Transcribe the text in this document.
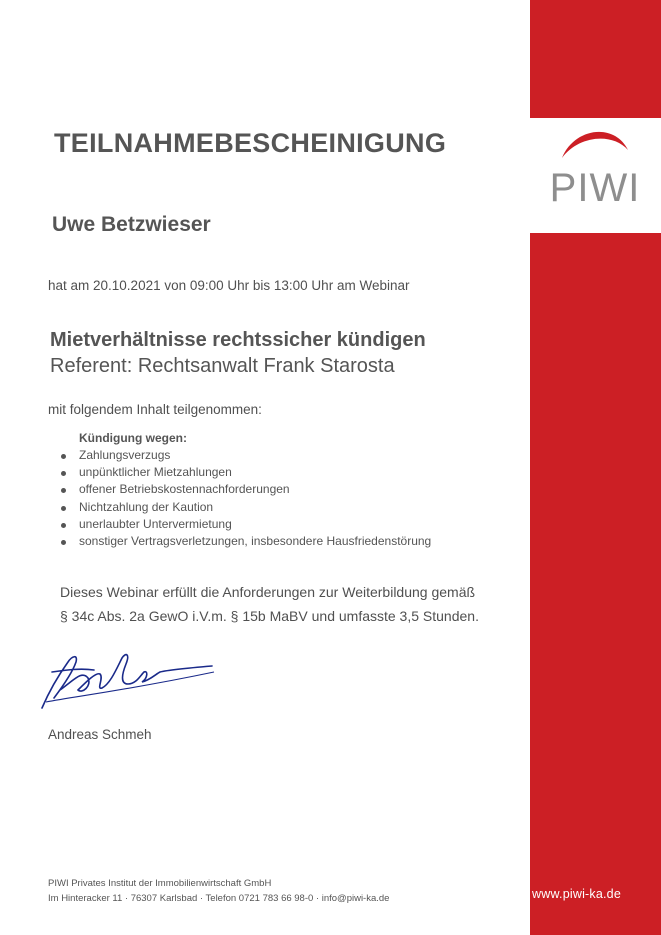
PIWI
www.piwi-ka.de
TEILNAHMEBESCHEINIGUNG
Uwe Betzwieser
hat am 20.10.2021 von 09:00 Uhr bis 13:00 Uhr am Webinar
Mietverhältnisse rechtssicher kündigen
Referent: Rechtsanwalt Frank Starosta
mit folgendem Inhalt teilgenommen:
Kündigung wegen:
Zahlungsverzugs
unpünktlicher Mietzahlungen
offener Betriebskostennachforderungen
Nichtzahlung der Kaution
unerlaubter Untervermietung
sonstiger Vertragsverletzungen, insbesondere Hausfriedenstörung
Dieses Webinar erfüllt die Anforderungen zur Weiterbildung gemäß
§ 34c Abs. 2a GewO i.V.m. § 15b MaBV und umfasste 3,5 Stunden.
Andreas Schmeh
PIWI Privates Institut der Immobilienwirtschaft GmbH
Im Hinteracker 11 · 76307 Karlsbad · Telefon 0721 783 66 98-0 · info@piwi-ka.de
